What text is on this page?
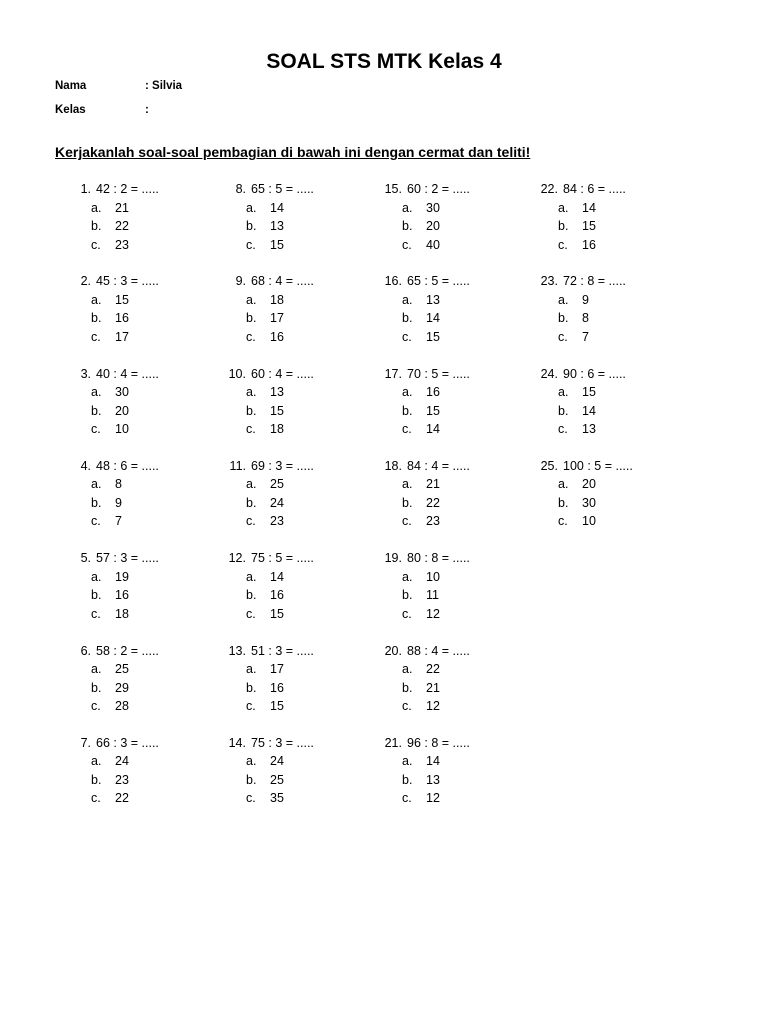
SOAL STS MTK Kelas 4
Nama	: Silvia
Kelas	:
Kerjakanlah soal-soal pembagian di bawah ini dengan cermat dan teliti!
1. 42 : 2 = .....
a. 21
b. 22
c. 23
2. 45 : 3 = .....
a. 15
b. 16
c. 17
3. 40 : 4 = .....
a. 30
b. 20
c. 10
4. 48 : 6 = .....
a. 8
b. 9
c. 7
5. 57 : 3 = .....
a. 19
b. 16
c. 18
6. 58 : 2 = .....
a. 25
b. 29
c. 28
7. 66 : 3 = .....
a. 24
b. 23
c. 22
8. 65 : 5 = .....
a. 14
b. 13
c. 15
9. 68 : 4 = .....
a. 18
b. 17
c. 16
10. 60 : 4 = .....
a. 13
b. 15
c. 18
11. 69 : 3 = .....
a. 25
b. 24
c. 23
12. 75 : 5 = .....
a. 14
b. 16
c. 15
13. 51 : 3 = .....
a. 17
b. 16
c. 15
14. 75 : 3 = .....
a. 24
b. 25
c. 35
15. 60 : 2 = .....
a. 30
b. 20
c. 40
16. 65 : 5 = .....
a. 13
b. 14
c. 15
17. 70 : 5 = .....
a. 16
b. 15
c. 14
18. 84 : 4 = .....
a. 21
b. 22
c. 23
19. 80 : 8 = .....
a. 10
b. 11
c. 12
20. 88 : 4 = .....
a. 22
b. 21
c. 12
21. 96 : 8 = .....
a. 14
b. 13
c. 12
22. 84 : 6 = .....
a. 14
b. 15
c. 16
23. 72 : 8 = .....
a. 9
b. 8
c. 7
24. 90 : 6 = .....
a. 15
b. 14
c. 13
25. 100 : 5 = .....
a. 20
b. 30
c. 10
